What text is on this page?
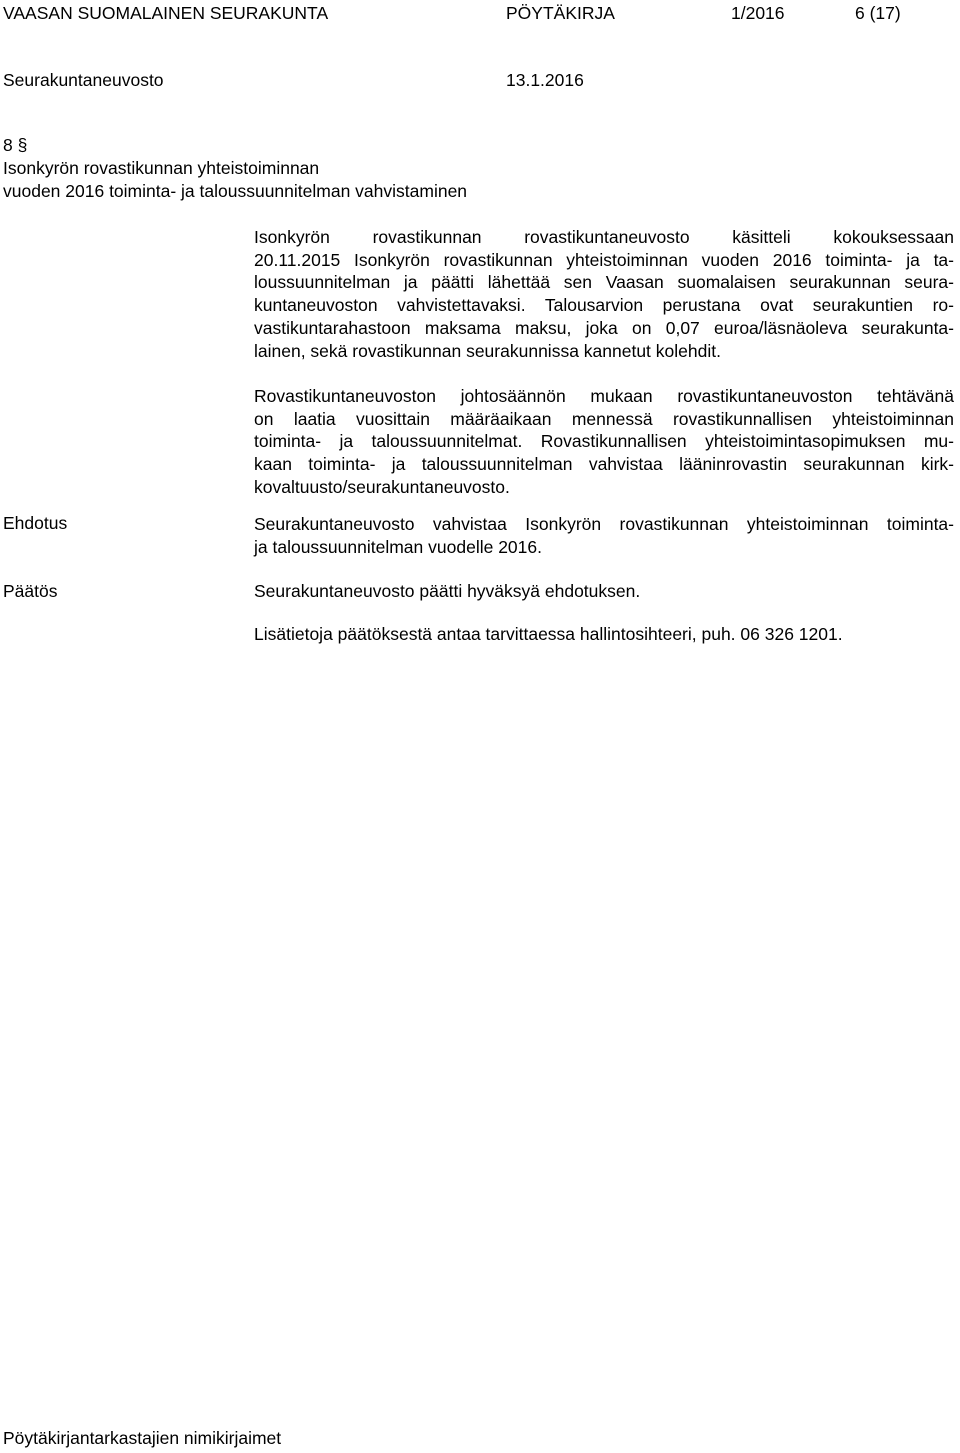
VAASAN SUOMALAINEN SEURAKUNTA	PÖYTÄKIRJA	1/2016	6 (17)
Seurakuntaneuvosto	13.1.2016
8 §
Isonkyrön rovastikunnan yhteistoiminnan
vuoden 2016 toiminta- ja taloussuunnitelman vahvistaminen
Isonkyrön rovastikunnan rovastikuntaneuvosto käsitteli kokouksessaan
20.11.2015 Isonkyrön rovastikunnan yhteistoiminnan vuoden 2016 toiminta- ja ta-
loussuunnitelman ja päätti lähettää sen Vaasan suomalaisen seurakunnan seura-
kuntaneuvoston vahvistettavaksi. Talousarvion perustana ovat seurakuntien ro-
vastikuntarahastoon maksama maksu, joka on 0,07 euroa/läsnäoleva seurakunta-
lainen, sekä rovastikunnan seurakunnissa kannetut kolehdit.
Rovastikuntaneuvoston johtosäännön mukaan rovastikuntaneuvoston tehtävänä
on laatia vuosittain määräaikaan mennessä rovastikunnallisen yhteistoiminnan
toiminta- ja taloussuunnitelmat. Rovastikunnallisen yhteistoimintasopimuksen mu-
kaan toiminta- ja taloussuunnitelman vahvistaa lääninrovastin seurakunnan kirk-
kovaltuusto/seurakuntaneuvosto.
Ehdotus	Seurakuntaneuvosto vahvistaa Isonkyrön rovastikunnan yhteistoiminnan toiminta-
ja taloussuunnitelman vuodelle 2016.
Päätös	Seurakuntaneuvosto päätti hyväksyä ehdotuksen.
Lisätietoja päätöksestä antaa tarvittaessa hallintosihteeri, puh. 06 326 1201.
Pöytäkirjantarkastajien nimikirjaimet
